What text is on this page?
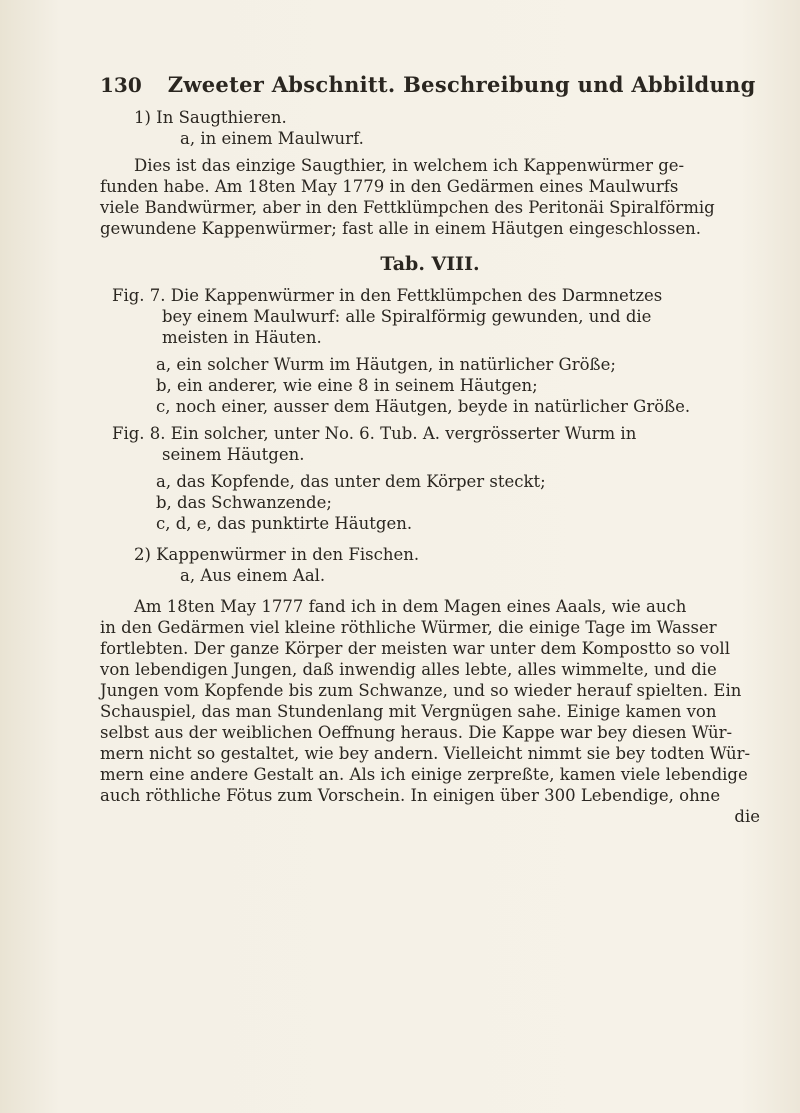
130 Zweeter Abschnitt. Beschreibung und Abbildung
1) In Saugthieren.
a, in einem Maulwurf.
Dies ist das einzige Saugthier, in welchem ich Kappenwürmer ge-
funden habe. Am 18ten May 1779 in den Gedärmen eines Maulwurfs
viele Bandwürmer, aber in den Fettklümpchen des Peritonäi Spiralförmig
gewundene Kappenwürmer; fast alle in einem Häutgen eingeschlossen.
Tab. VIII.
Fig. 7. Die Kappenwürmer in den Fettklümpchen des Darmnetzes
bey einem Maulwurf: alle Spiralförmig gewunden, und die
meisten in Häuten.
a, ein solcher Wurm im Häutgen, in natürlicher Größe;
b, ein anderer, wie eine 8 in seinem Häutgen;
c, noch einer, ausser dem Häutgen, beyde in natürlicher Größe.
Fig. 8. Ein solcher, unter No. 6. Tub. A. vergrösserter Wurm in
seinem Häutgen.
a, das Kopfende, das unter dem Körper steckt;
b, das Schwanzende;
c, d, e, das punktirte Häutgen.
2) Kappenwürmer in den Fischen.
a, Aus einem Aal.
Am 18ten May 1777 fand ich in dem Magen eines Aaals, wie auch
in den Gedärmen viel kleine röthliche Würmer, die einige Tage im Wasser
fortlebten. Der ganze Körper der meisten war unter dem Kompostto so voll
von lebendigen Jungen, daß inwendig alles lebte, alles wimmelte, und die
Jungen vom Kopfende bis zum Schwanze, und so wieder herauf spielten. Ein
Schauspiel, das man Stundenlang mit Vergnügen sahe. Einige kamen von
selbst aus der weiblichen Oeffnung heraus. Die Kappe war bey diesen Wür-
mern nicht so gestaltet, wie bey andern. Vielleicht nimmt sie bey todten Wür-
mern eine andere Gestalt an. Als ich einige zerpreßte, kamen viele lebendige
auch röthliche Fötus zum Vorschein. In einigen über 300 Lebendige, ohne
die
